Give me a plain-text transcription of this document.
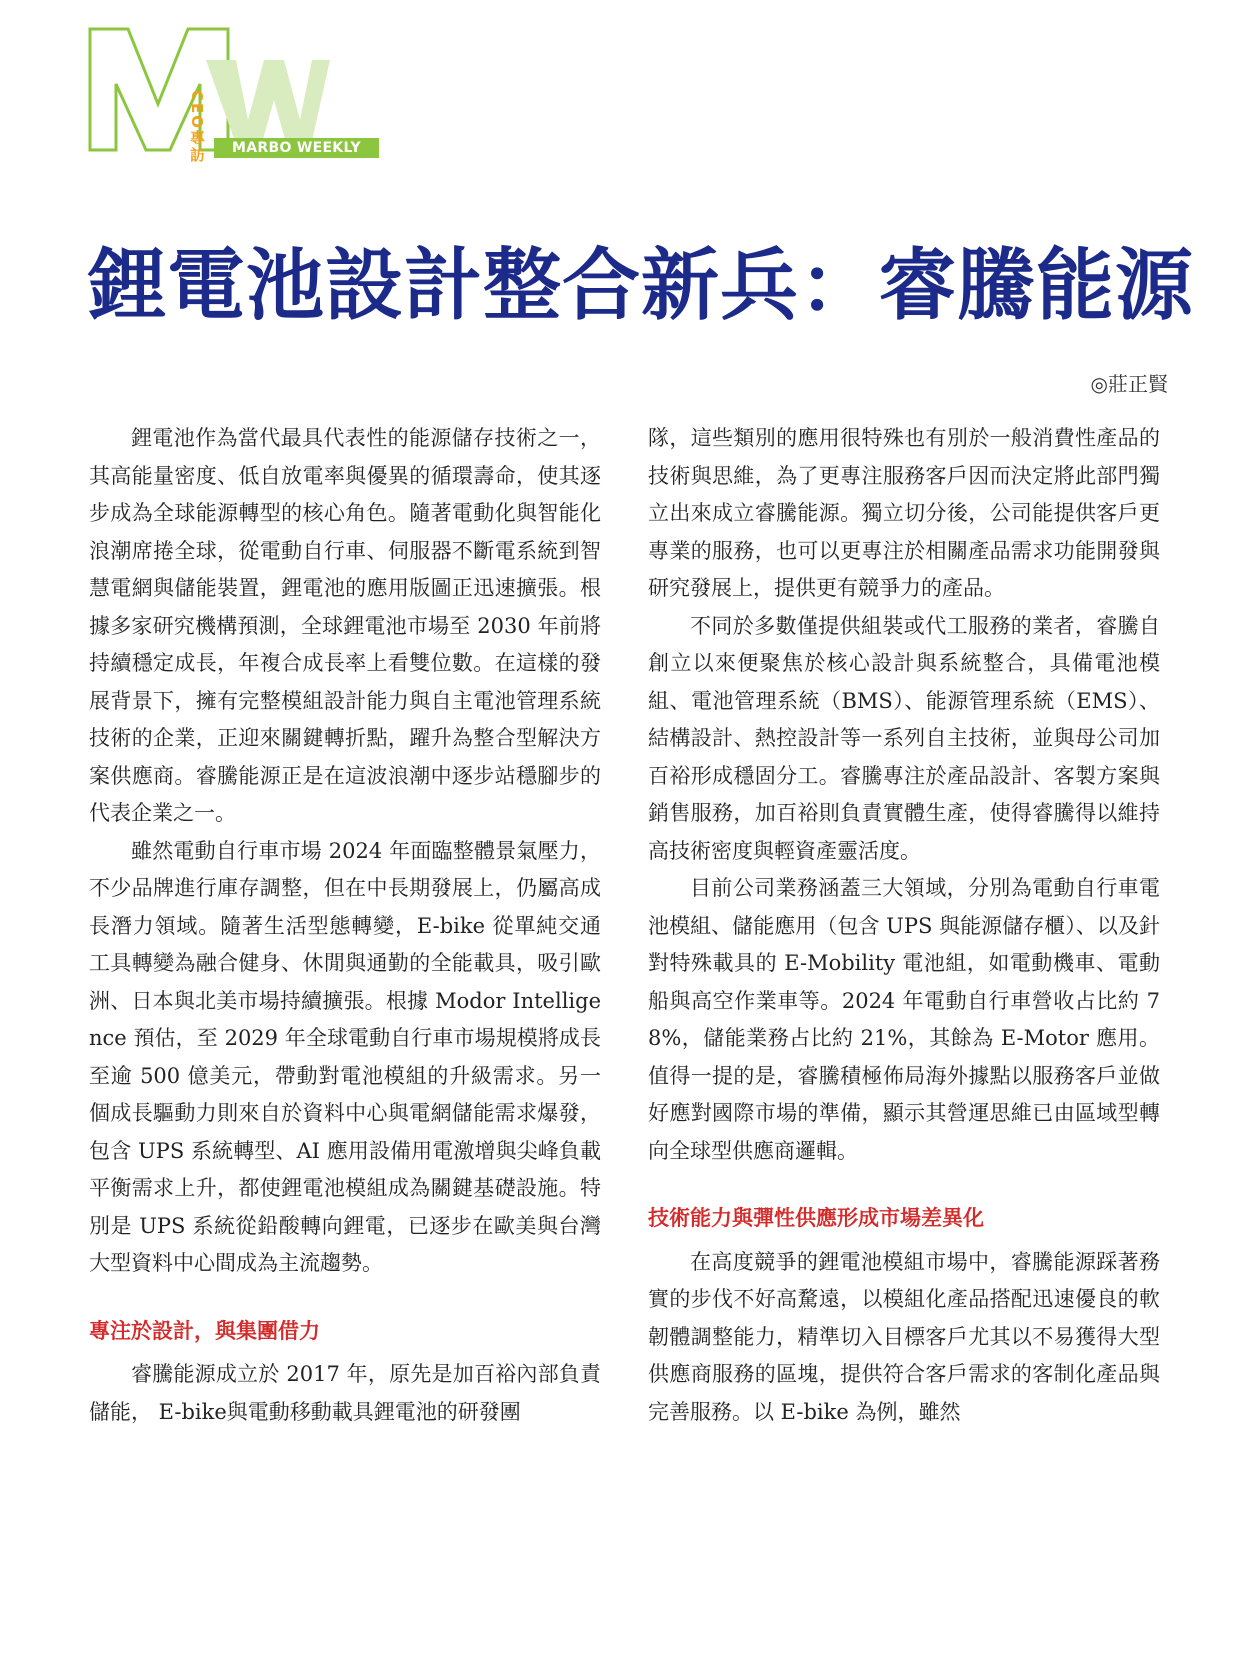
CEO專訪	MARBO WEEKLY
鋰電池設計整合新兵：睿騰能源
◎莊正賢

鋰電池作為當代最具代表性的能源儲存技術之一，其高能量密度、低自放電率與優異的循環壽命，使其逐步成為全球能源轉型的核心角色。隨著電動化與智能化浪潮席捲全球，從電動自行車、伺服器不斷電系統到智慧電網與儲能裝置，鋰電池的應用版圖正迅速擴張。根據多家研究機構預測，全球鋰電池市場至 2030 年前將持續穩定成長，年複合成長率上看雙位數。在這樣的發展背景下，擁有完整模組設計能力與自主電池管理系統技術的企業，正迎來關鍵轉折點，躍升為整合型解決方案供應商。睿騰能源正是在這波浪潮中逐步站穩腳步的代表企業之一。

雖然電動自行車市場 2024 年面臨整體景氣壓力，不少品牌進行庫存調整，但在中長期發展上，仍屬高成長潛力領域。隨著生活型態轉變，E-bike 從單純交通工具轉變為融合健身、休閒與通勤的全能載具，吸引歐洲、日本與北美市場持續擴張。根據 Modor Intelligence 預估，至 2029 年全球電動自行車市場規模將成長至逾 500 億美元，帶動對電池模組的升級需求。另一個成長驅動力則來自於資料中心與電網儲能需求爆發，包含 UPS 系統轉型、AI 應用設備用電激增與尖峰負載平衡需求上升，都使鋰電池模組成為關鍵基礎設施。特別是 UPS 系統從鉛酸轉向鋰電，已逐步在歐美與台灣大型資料中心間成為主流趨勢。

專注於設計，與集團借力

睿騰能源成立於 2017 年，原先是加百裕內部負責儲能， E-bike與電動移動載具鋰電池的研發團

隊，這些類別的應用很特殊也有別於一般消費性產品的技術與思維，為了更專注服務客戶因而決定將此部門獨立出來成立睿騰能源。獨立切分後，公司能提供客戶更專業的服務，也可以更專注於相關產品需求功能開發與研究發展上，提供更有競爭力的產品。

不同於多數僅提供組裝或代工服務的業者，睿騰自創立以來便聚焦於核心設計與系統整合，具備電池模組、電池管理系統（BMS）、能源管理系統（EMS）、結構設計、熱控設計等一系列自主技術，並與母公司加百裕形成穩固分工。睿騰專注於產品設計、客製方案與銷售服務，加百裕則負責實體生產，使得睿騰得以維持高技術密度與輕資產靈活度。

目前公司業務涵蓋三大領域，分別為電動自行車電池模組、儲能應用（包含 UPS 與能源儲存櫃）、以及針對特殊載具的 E-Mobility 電池組，如電動機車、電動船與高空作業車等。2024 年電動自行車營收占比約 78%，儲能業務占比約 21%，其餘為 E-Motor 應用。值得一提的是，睿騰積極佈局海外據點以服務客戶並做好應對國際市場的準備，顯示其營運思維已由區域型轉向全球型供應商邏輯。

技術能力與彈性供應形成市場差異化

在高度競爭的鋰電池模組市場中，睿騰能源踩著務實的步伐不好高騖遠，以模組化產品搭配迅速優良的軟韌體調整能力，精準切入目標客戶尤其以不易獲得大型供應商服務的區塊，提供符合客戶需求的客制化產品與完善服務。以 E-bike 為例，雖然
